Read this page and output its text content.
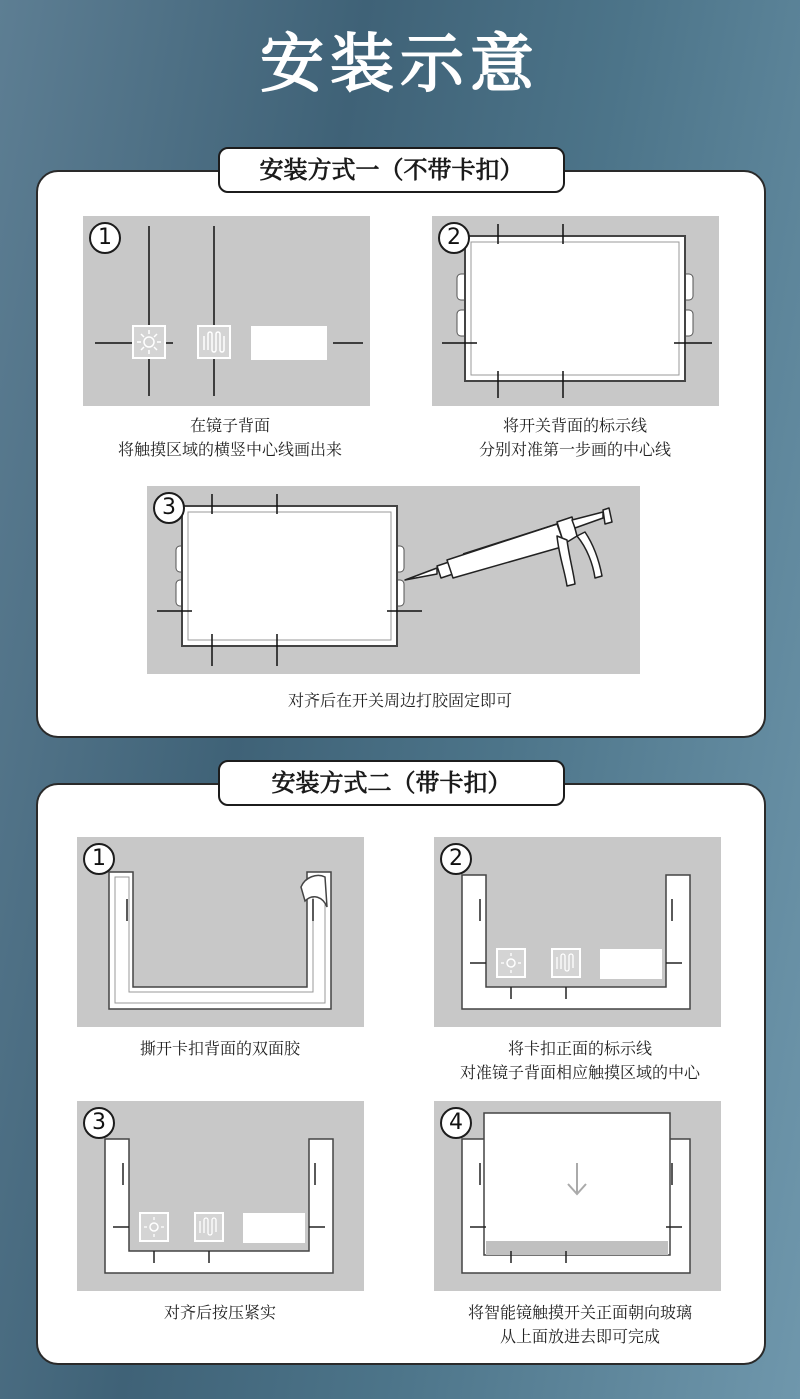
安装示意
安装方式一（不带卡扣）
1
在镜子背面
将触摸区域的横竖中心线画出来
2
将开关背面的标示线
分别对准第一步画的中心线
3
对齐后在开关周边打胶固定即可
安装方式二（带卡扣）
1
撕开卡扣背面的双面胶
2
将卡扣正面的标示线
对准镜子背面相应触摸区域的中心
3
对齐后按压紧实
4
将智能镜触摸开关正面朝向玻璃
从上面放进去即可完成
